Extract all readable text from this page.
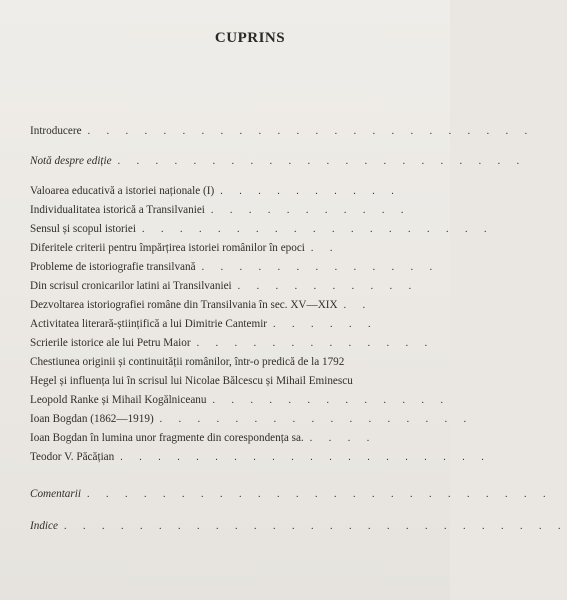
CUPRINS
Introducere . . . . . . . . . . . . . . . . . . . . . . . .
Notă despre ediție . . . . . . . . . . . . . . . . . . . . . .
Valoarea educativă a istoriei naționale (I) . . . . . . . . . .
Individualitatea istorică a Transilvaniei . . . . . . . . . . .
Sensul și scopul istoriei . . . . . . . . . . . . . . . . . . .
Diferitele criterii pentru împărțirea istoriei românilor în epoci . .
Probleme de istoriografie transilvană . . . . . . . . . . . . .
Din scrisul cronicarilor latini ai Transilvaniei . . . . . . . . . .
Dezvoltarea istoriografiei române din Transilvania în sec. XV—XIX . .
Activitatea literară-științifică a lui Dimitrie Cantemir . . . . . .
Scrierile istorice ale lui Petru Maior . . . . . . . . . . . . .
Chestiunea originii și continuității românilor, într-o predică de la 1792
Hegel și influența lui în scrisul lui Nicolae Bălcescu și Mihail Eminescu
Leopold Ranke și Mihail Kogălniceanu . . . . . . . . . . . . .
Ioan Bogdan (1862—1919) . . . . . . . . . . . . . . . . .
Ioan Bogdan în lumina unor fragmente din corespondența sa. . . . .
Teodor V. Păcățian . . . . . . . . . . . . . . . . . . . .
Comentarii . . . . . . . . . . . . . . . . . . . . . . . . .
Indice . . . . . . . . . . . . . . . . . . . . . . . . . . .
